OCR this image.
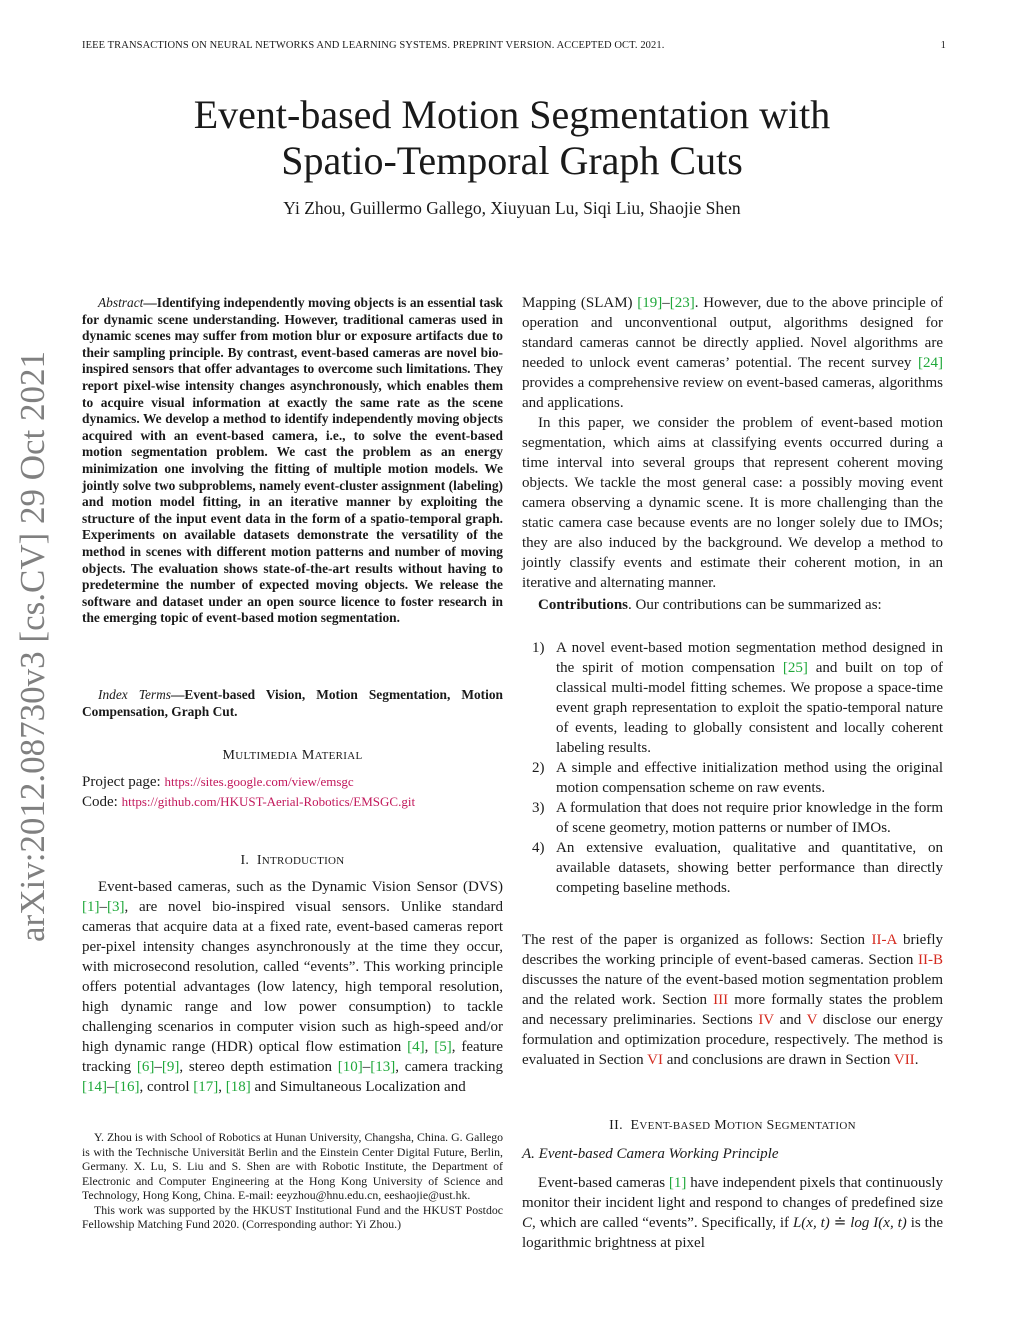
IEEE TRANSACTIONS ON NEURAL NETWORKS AND LEARNING SYSTEMS. PREPRINT VERSION. ACCEPTED OCT. 2021.	1
Event-based Motion Segmentation with
Spatio-Temporal Graph Cuts
Yi Zhou, Guillermo Gallego, Xiuyuan Lu, Siqi Liu, Shaojie Shen
arXiv:2012.08730v3 [cs.CV] 29 Oct 2021

Abstract—Identifying independently moving objects is an essential task for dynamic scene understanding. However, traditional cameras used in dynamic scenes may suffer from motion blur or exposure artifacts due to their sampling principle. By contrast, event-based cameras are novel bio-inspired sensors that offer advantages to overcome such limitations. They report pixel-wise intensity changes asynchronously, which enables them to acquire visual information at exactly the same rate as the scene dynamics. We develop a method to identify independently moving objects acquired with an event-based camera, i.e., to solve the event-based motion segmentation problem. We cast the problem as an energy minimization one involving the fitting of multiple motion models. We jointly solve two subproblems, namely event-cluster assignment (labeling) and motion model fitting, in an iterative manner by exploiting the structure of the input event data in the form of a spatio-temporal graph. Experiments on available datasets demonstrate the versatility of the method in scenes with different motion patterns and number of moving objects. The evaluation shows state-of-the-art results without having to predetermine the number of expected moving objects. We release the software and dataset under an open source licence to foster research in the emerging topic of event-based motion segmentation.

Index Terms—Event-based Vision, Motion Segmentation, Motion Compensation, Graph Cut.

MULTIMEDIA MATERIAL
Project page: https://sites.google.com/view/emsgc
Code: https://github.com/HKUST-Aerial-Robotics/EMSGC.git
I. INTRODUCTION

Event-based cameras, such as the Dynamic Vision Sensor (DVS) [1]–[3], are novel bio-inspired visual sensors. Unlike standard cameras that acquire data at a fixed rate, event-based cameras report per-pixel intensity changes asynchronously at the time they occur, with microsecond resolution, called “events”. This working principle offers potential advantages (low latency, high temporal resolution, high dynamic range and low power consumption) to tackle challenging scenarios in computer vision such as high-speed and/or high dynamic range (HDR) optical flow estimation [4], [5], feature tracking [6]–[9], stereo depth estimation [10]–[13], camera tracking [14]–[16], control [17], [18] and Simultaneous Localization and

Y. Zhou is with School of Robotics at Hunan University, Changsha, China. G. Gallego is with the Technische Universität Berlin and the Einstein Center Digital Future, Berlin, Germany. X. Lu, S. Liu and S. Shen are with Robotic Institute, the Department of Electronic and Computer Engineering at the Hong Kong University of Science and Technology, Hong Kong, China. E-mail: eeyzhou@hnu.edu.cn, eeshaojie@ust.hk.

This work was supported by the HKUST Institutional Fund and the HKUST Postdoc Fellowship Matching Fund 2020. (Corresponding author: Yi Zhou.)

Mapping (SLAM) [19]–[23]. However, due to the above principle of operation and unconventional output, algorithms designed for standard cameras cannot be directly applied. Novel algorithms are needed to unlock event cameras’ potential. The recent survey [24] provides a comprehensive review on event-based cameras, algorithms and applications.

In this paper, we consider the problem of event-based motion segmentation, which aims at classifying events occurred during a time interval into several groups that represent coherent moving objects. We tackle the most general case: a possibly moving event camera observing a dynamic scene. It is more challenging than the static camera case because events are no longer solely due to IMOs; they are also induced by the background. We develop a method to jointly classify events and estimate their coherent motion, in an iterative and alternating manner.

Contributions. Our contributions can be summarized as:

1) A novel event-based motion segmentation method designed in the spirit of motion compensation [25] and built on top of classical multi-model fitting schemes. We propose a space-time event graph representation to exploit the spatio-temporal nature of events, leading to globally consistent and locally coherent labeling results.
2) A simple and effective initialization method using the original motion compensation scheme on raw events.
3) A formulation that does not require prior knowledge in the form of scene geometry, motion patterns or number of IMOs.
4) An extensive evaluation, qualitative and quantitative, on available datasets, showing better performance than directly competing baseline methods.

The rest of the paper is organized as follows: Section II-A briefly describes the working principle of event-based cameras. Section II-B discusses the nature of the event-based motion segmentation problem and the related work. Section III more formally states the problem and necessary preliminaries. Sections IV and V disclose our energy formulation and optimization procedure, respectively. The method is evaluated in Section VI and conclusions are drawn in Section VII.

II. EVENT-BASED MOTION SEGMENTATION
A. Event-based Camera Working Principle

Event-based cameras [1] have independent pixels that continuously monitor their incident light and respond to changes of predefined size C, which are called “events”. Specifically, if L(x, t) ≐ log I(x, t) is the logarithmic brightness at pixel
